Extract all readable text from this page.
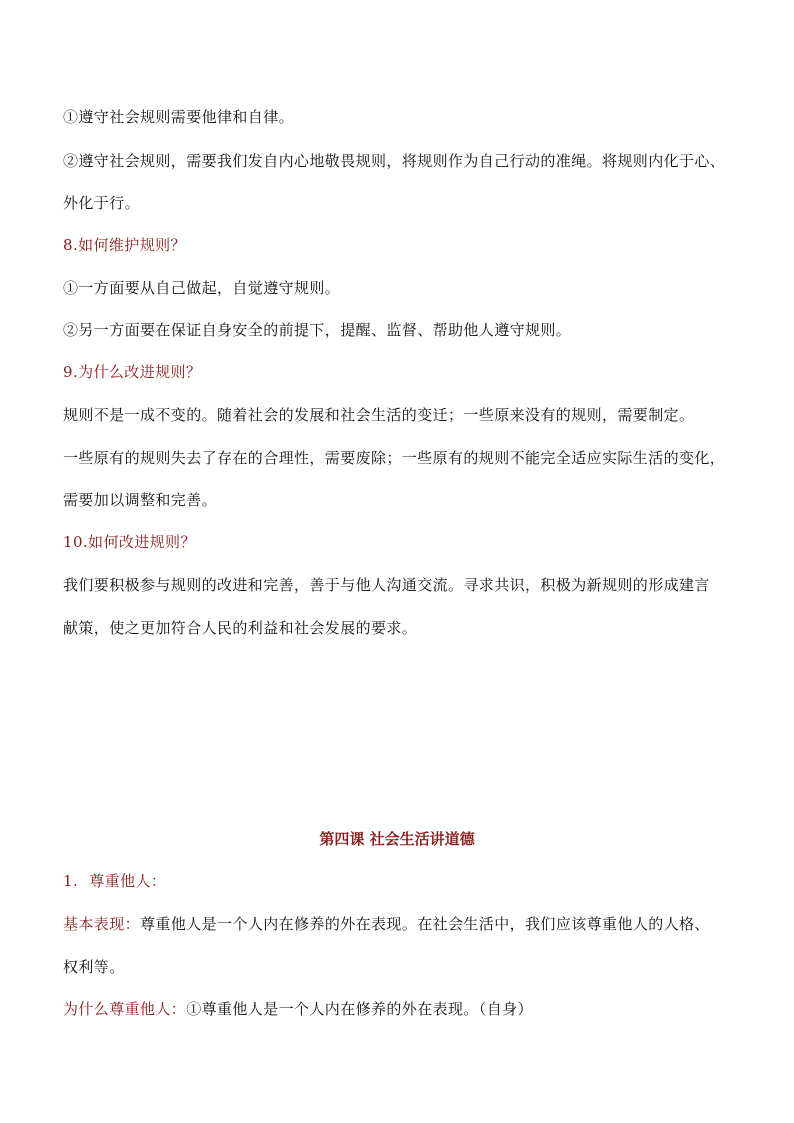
①遵守社会规则需要他律和自律。
②遵守社会规则，需要我们发自内心地敬畏规则，将规则作为自己行动的准绳。将规则内化于心、
外化于行。
8.如何维护规则？
①一方面要从自己做起，自觉遵守规则。
②另一方面要在保证自身安全的前提下，提醒、监督、帮助他人遵守规则。
9.为什么改进规则？
规则不是一成不变的。随着社会的发展和社会生活的变迁；一些原来没有的规则，需要制定。
一些原有的规则失去了存在的合理性，需要废除；一些原有的规则不能完全适应实际生活的变化，
需要加以调整和完善。
10.如何改进规则？
我们要积极参与规则的改进和完善，善于与他人沟通交流。寻求共识，积极为新规则的形成建言
献策，使之更加符合人民的利益和社会发展的要求。
第四课 社会生活讲道德
1. 尊重他人：
基本表现：尊重他人是一个人内在修养的外在表现。在社会生活中，我们应该尊重他人的人格、
权利等。
为什么尊重他人：①尊重他人是一个人内在修养的外在表现。（自身）
